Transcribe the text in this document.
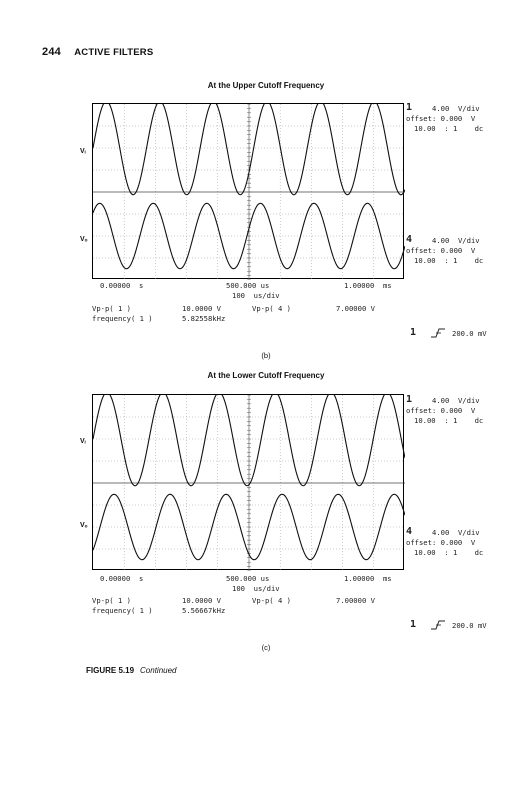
244 ACTIVE FILTERS
At the Upper Cutoff Frequency
Vᵢ
Vₒ
1	4.00  V/div
offset: 0.000  V
10.00  : 1    dc
4	4.00  V/div
offset: 0.000  V
10.00  : 1    dc
0.00000  s	500.000 us	1.00000  ms
100  us/div
Vp-p( 1 )	10.0000 V	Vp-p( 4 )	7.00000 V
frequency( 1 )	5.82558kHz
1	200.0 mV
(b)
At the Lower Cutoff Frequency
Vᵢ
Vₒ
1	4.00  V/div
offset: 0.000  V
10.00  : 1    dc
4	4.00  V/div
offset: 0.000  V
10.00  : 1    dc
0.00000  s	500.000 us	1.00000  ms
100  us/div
Vp-p( 1 )	10.0000 V	Vp-p( 4 )	7.00000 V
frequency( 1 )	5.56667kHz
1	200.0 mV
(c)
FIGURE 5.19 Continued
